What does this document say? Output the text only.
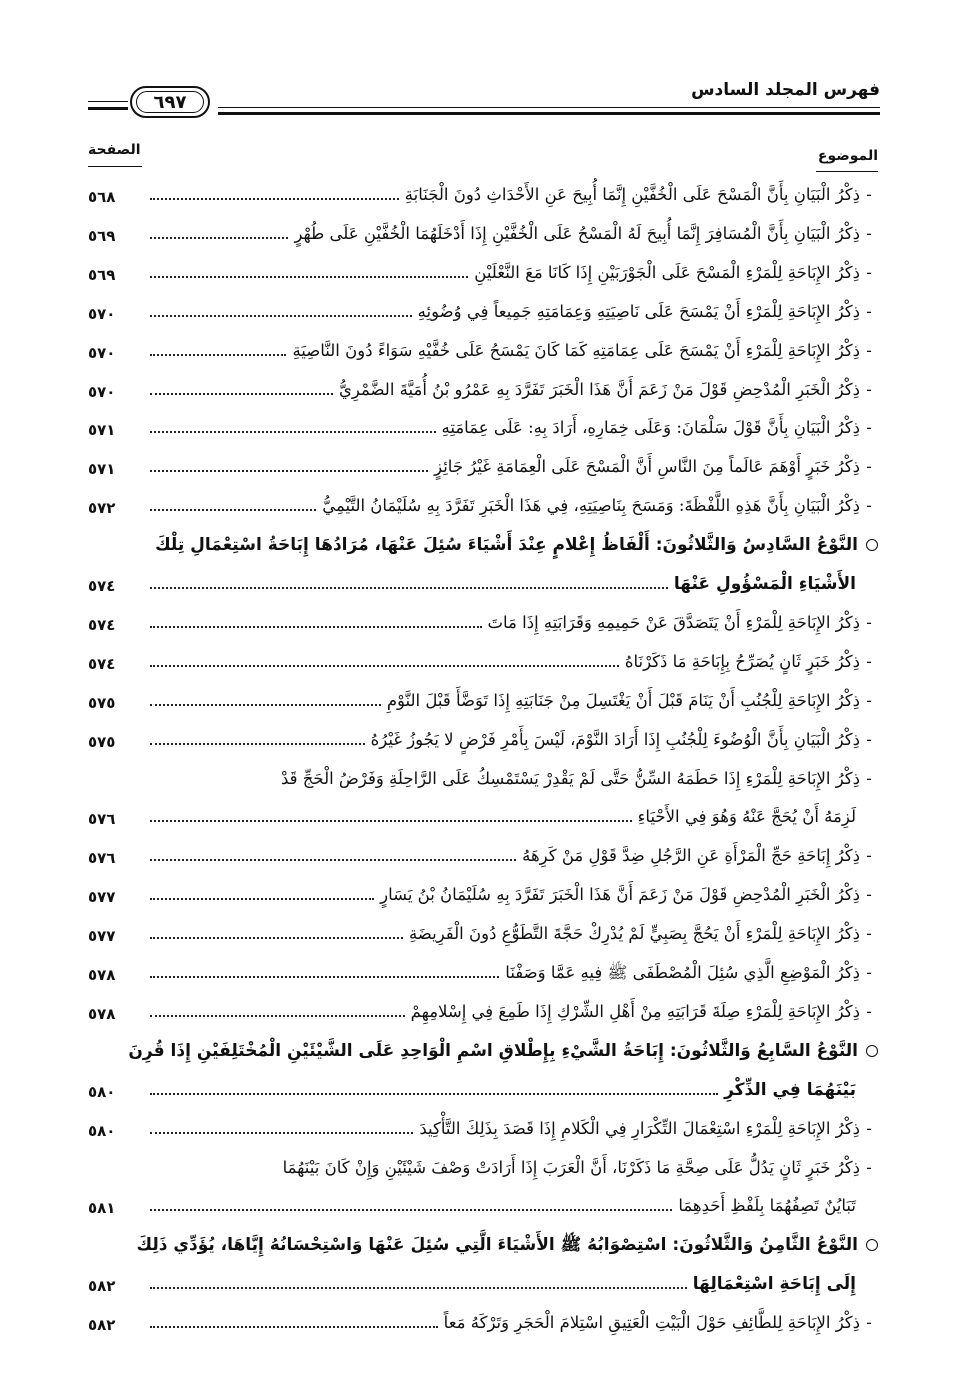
فهرس المجلد السادس
٦٩٧
الموضوع
الصفحة
-ذِكْرُ الْبَيَانِ بِأَنَّ الْمَسْحَ عَلَى الْخُفَّيْنِ إِنَّمَا أُبِيحَ عَنِ الأَحْدَاثِ دُونَ الْجَنَابَةِ
٥٦٨
-ذِكْرُ الْبَيَانِ بِأَنَّ الْمُسَافِرَ إِنَّمَا أُبِيحَ لَهُ الْمَسْحُ عَلَى الْخُفَّيْنِ إِذَا أَدْخَلَهُمَا الْخُفَّيْنِ عَلَى طُهْرٍ
٥٦٩
-ذِكْرُ الإِبَاحَةِ لِلْمَرْءِ الْمَسْحَ عَلَى الْجَوْرَبَيْنِ إِذَا كَانَا مَعَ النَّعْلَيْنِ
٥٦٩
-ذِكْرُ الإِبَاحَةِ لِلْمَرْءِ أَنْ يَمْسَحَ عَلَى نَاصِيَتِهِ وَعِمَامَتِهِ جَمِيعاً فِي وُضُوئِهِ
٥٧٠
-ذِكْرُ الإِبَاحَةِ لِلْمَرْءِ أَنْ يَمْسَحَ عَلَى عِمَامَتِهِ كَمَا كَانَ يَمْسَحُ عَلَى خُفَّيْهِ سَوَاءً دُونَ النَّاصِيَةِ
٥٧٠
-ذِكْرُ الْخَبَرِ الْمُدْحِضِ قَوْلَ مَنْ زَعَمَ أَنَّ هَذَا الْخَبَرَ تَفَرَّدَ بِهِ عَمْرُو بْنُ أُمَيَّةَ الضَّمْرِيُّ
٥٧٠
-ذِكْرُ الْبَيَانِ بِأَنَّ قَوْلَ سَلْمَانَ: وَعَلَى خِمَارِهِ، أَرَادَ بِهِ: عَلَى عِمَامَتِهِ
٥٧١
-ذِكْرُ خَبَرٍ أَوْهَمَ عَالَماً مِنَ النَّاسِ أَنَّ الْمَسْحَ عَلَى الْعِمَامَةِ غَيْرُ جَائِزٍ
٥٧١
-ذِكْرُ الْبَيَانِ بِأَنَّ هَذِهِ اللَّفْظَةَ: وَمَسَحَ بِنَاصِيَتِهِ، فِي هَذَا الْخَبَرِ تَفَرَّدَ بِهِ سُلَيْمَانُ التَّيْمِيُّ
٥٧٢
النَّوْعُ السَّادِسُ وَالثَّلاثُونَ: أَلْفَاظُ إِعْلامٍ عِنْدَ أَشْيَاءَ سُئِلَ عَنْهَا، مُرَادُهَا إِبَاحَةُ اسْتِعْمَالِ تِلْكَ
الأَشْيَاءِ الْمَسْؤُولِ عَنْهَا
٥٧٤
-ذِكْرُ الإِبَاحَةِ لِلْمَرْءِ أَنْ يَتَصَدَّقَ عَنْ حَمِيمِهِ وَقَرَابَتِهِ إِذَا مَاتَ
٥٧٤
-ذِكْرُ خَبَرٍ ثَانٍ يُصَرِّحُ بِإِبَاحَةِ مَا ذَكَرْنَاهُ
٥٧٤
-ذِكْرُ الإِبَاحَةِ لِلْجُنُبِ أَنْ يَنَامَ قَبْلَ أَنْ يَغْتَسِلَ مِنْ جَنَابَتِهِ إِذَا تَوَضَّأَ قَبْلَ النَّوْمِ
٥٧٥
-ذِكْرُ الْبَيَانِ بِأَنَّ الْوُضُوءَ لِلْجُنُبِ إِذَا أَرَادَ النَّوْمَ، لَيْسَ بِأَمْرِ فَرْضٍ لا يَجُوزُ غَيْرُهُ
٥٧٥
-ذِكْرُ الإِبَاحَةِ لِلْمَرْءِ إِذَا حَطَمَهُ السِّنُّ حَتَّى لَمْ يَقْدِرْ يَسْتَمْسِكُ عَلَى الرَّاحِلَةِ وَفَرْضُ الْحَجِّ قَدْ
لَزِمَهُ أَنْ يُحَجَّ عَنْهُ وَهُوَ فِي الأَحْيَاءِ
٥٧٦
-ذِكْرُ إِبَاحَةِ حَجِّ الْمَرْأَةِ عَنِ الرَّجُلِ ضِدَّ قَوْلِ مَنْ كَرِهَهُ
٥٧٦
-ذِكْرُ الْخَبَرِ الْمُدْحِضِ قَوْلَ مَنْ زَعَمَ أَنَّ هَذَا الْخَبَرَ تَفَرَّدَ بِهِ سُلَيْمَانُ بْنُ يَسَارٍ
٥٧٧
-ذِكْرُ الإِبَاحَةِ لِلْمَرْءِ أَنْ يَحُجَّ بِصَبِيٍّ لَمْ يُدْرِكْ حَجَّةَ التَّطَوُّعِ دُونَ الْفَرِيضَةِ
٥٧٧
-ذِكْرُ الْمَوْضِعِ الَّذِي سُئِلَ الْمُصْطَفَى ﷺ فِيهِ عَمَّا وَصَفْنَا
٥٧٨
-ذِكْرُ الإِبَاحَةِ لِلْمَرْءِ صِلَةَ قَرَابَتِهِ مِنْ أَهْلِ الشِّرْكِ إِذَا طَمِعَ فِي إِسْلامِهِمْ
٥٧٨
النَّوْعُ السَّابِعُ وَالثَّلاثُونَ: إِبَاحَةُ الشَّيْءِ بِإِطْلاقِ اسْمِ الْوَاحِدِ عَلَى الشَّيْئَيْنِ الْمُخْتَلِفَيْنِ إِذَا قُرِنَ
بَيْنَهُمَا فِي الذِّكْرِ
٥٨٠
-ذِكْرُ الإِبَاحَةِ لِلْمَرْءِ اسْتِعْمَالَ التِّكْرَارِ فِي الْكَلامِ إِذَا قَصَدَ بِذَلِكَ التَّأْكِيدَ
٥٨٠
-ذِكْرُ خَبَرٍ ثَانٍ يَدُلُّ عَلَى صِحَّةِ مَا ذَكَرْنَا، أَنَّ الْعَرَبَ إِذَا أَرَادَتْ وَصْفَ شَيْئَيْنِ وَإِنْ كَانَ بَيْنَهُمَا
تَبَايُنٌ تَصِفُهُمَا بِلَفْظِ أَحَدِهِمَا
٥٨١
النَّوْعُ الثَّامِنُ وَالثَّلاثُونَ: اسْتِصْوَابُهُ ﷺ الأَشْيَاءَ الَّتِي سُئِلَ عَنْهَا وَاسْتِحْسَانُهُ إِيَّاهَا، يُؤَدِّي ذَلِكَ
إِلَى إِبَاحَةِ اسْتِعْمَالِهَا
٥٨٢
-ذِكْرُ الإِبَاحَةِ لِلطَّائِفِ حَوْلَ الْبَيْتِ الْعَتِيقِ اسْتِلامَ الْحَجَرِ وَتَرْكَهُ مَعاً
٥٨٢
